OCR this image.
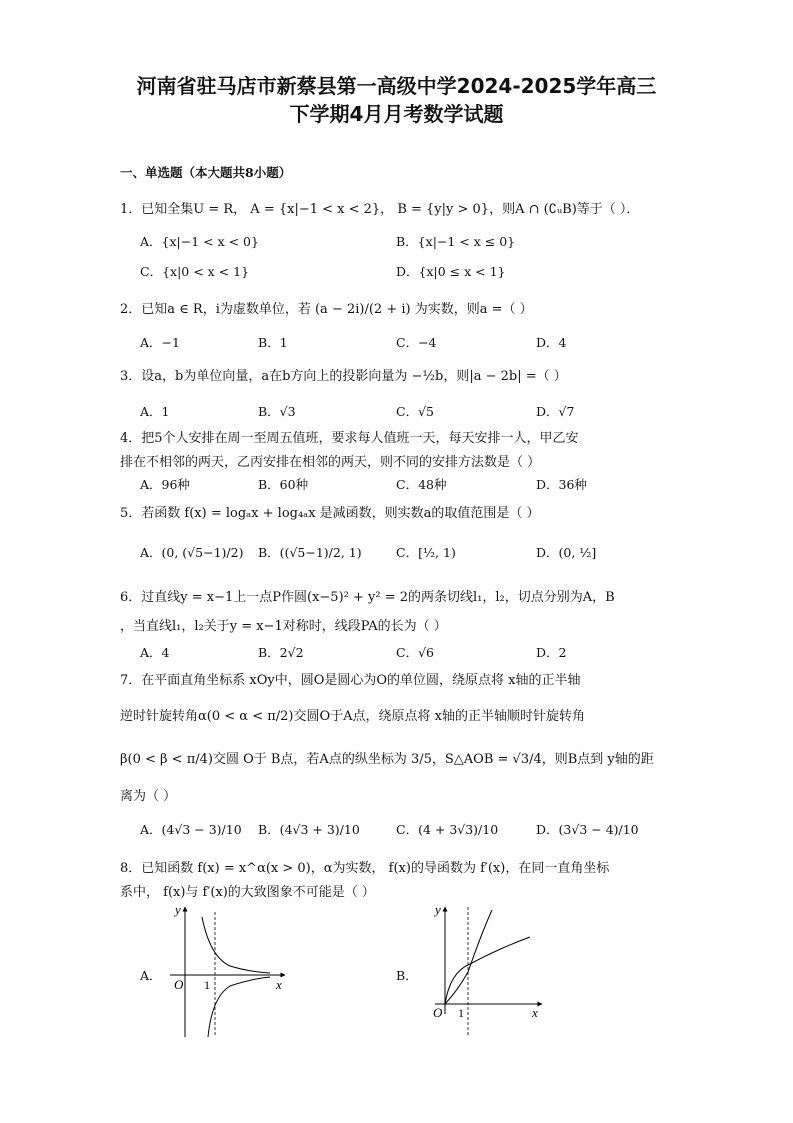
河南省驻马店市新蔡县第一高级中学2024-2025学年高三
下学期4月月考数学试题
一、单选题（本大题共8小题）
1．已知全集U = R， A = {x|−1 < x < 2}， B = {y|y > 0}，则A ∩ (∁ᵤB)等于（ ）．
A．{x|−1 < x < 0}	B．{x|−1 < x ≤ 0}
C．{x|0 < x < 1}	D．{x|0 ≤ x < 1}
2．已知a ∈ R，i为虚数单位，若 (a − 2i)/(2 + i) 为实数，则a =（ ）
A．−1	B．1	C．−4	D．4
3．设a，b为单位向量，a在b方向上的投影向量为 −½b，则|a − 2b| =（ ）
A．1	B．√3	C．√5	D．√7
4．把5个人安排在周一至周五值班，要求每人值班一天，每天安排一人，甲乙安
排在不相邻的两天，乙丙安排在相邻的两天，则不同的安排方法数是（ ）
A．96种	B．60种	C．48种	D．36种
5．若函数 f(x) = logₐx + log₄ₐx 是减函数，则实数a的取值范围是（ ）
A．(0, (√5−1)/2) B．((√5−1)/2, 1)	C．[½, 1)	D．(0, ½]
6．过直线y = x−1上一点P作圆(x−5)² + y² = 2的两条切线l₁，l₂，切点分别为A，B
，当直线l₁，l₂关于y = x−1对称时，线段PA的长为（ ）
A．4	B．2√2	C．√6	D．2
7．在平面直角坐标系 xOy中，圆O是圆心为O的单位圆，绕原点将 x轴的正半轴
逆时针旋转角α(0 < α < π/2)交圆O于A点，绕原点将 x轴的正半轴顺时针旋转角
β(0 < β < π/4)交圆 O于 B点，若A点的纵坐标为 3/5，S△AOB = √3/4，则B点到 y轴的距
离为（ ）
A．(4√3 − 3)/10 B．(4√3 + 3)/10	C．(4 + 3√3)/10	D．(3√3 − 4)/10
8．已知函数 f(x) = x^α(x > 0)，α为实数， f(x)的导函数为 f′(x)，在同一直角坐标
系中， f(x)与 f′(x)的大致图象不可能是（ ）
A．	B．
y
x
O 1
y
x
O 1
